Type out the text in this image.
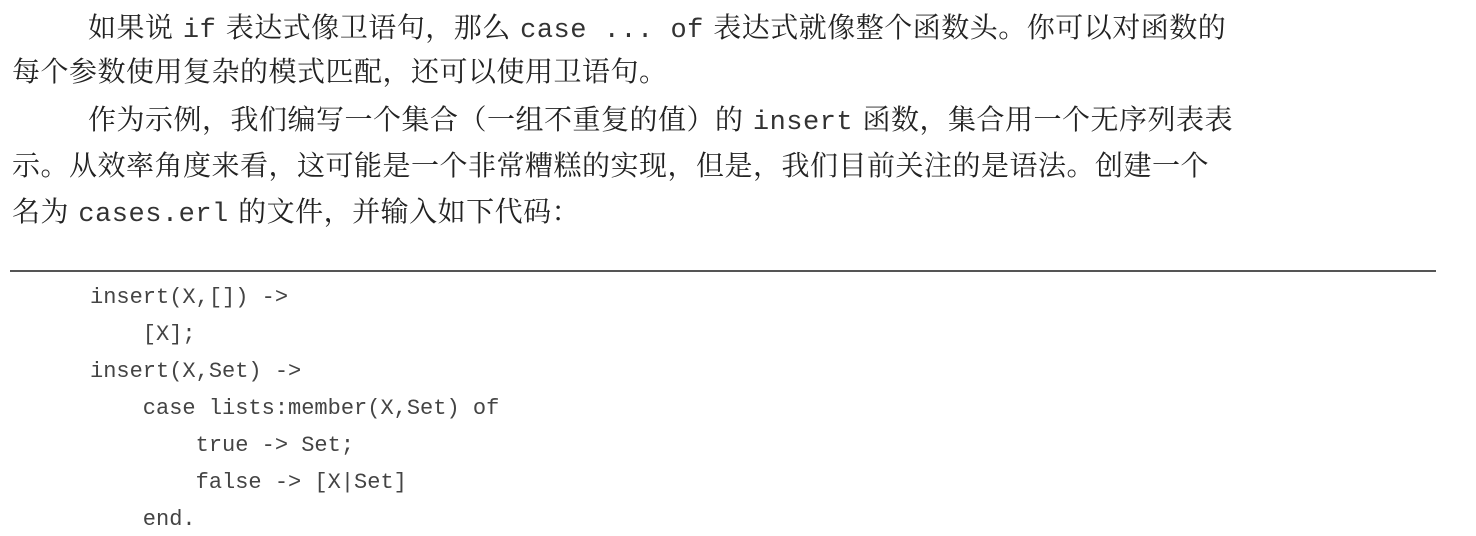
如果说 if 表达式像卫语句，那么 case ... of 表达式就像整个函数头。你可以对函数的
每个参数使用复杂的模式匹配，还可以使用卫语句。
作为示例，我们编写一个集合（一组不重复的值）的 insert 函数，集合用一个无序列表表
示。从效率角度来看，这可能是一个非常糟糕的实现，但是，我们目前关注的是语法。创建一个
名为 cases.erl 的文件，并输入如下代码：
insert(X,[]) ->
[X];
insert(X,Set) ->
case lists:member(X,Set) of
true -> Set;
false -> [X|Set]
end.
